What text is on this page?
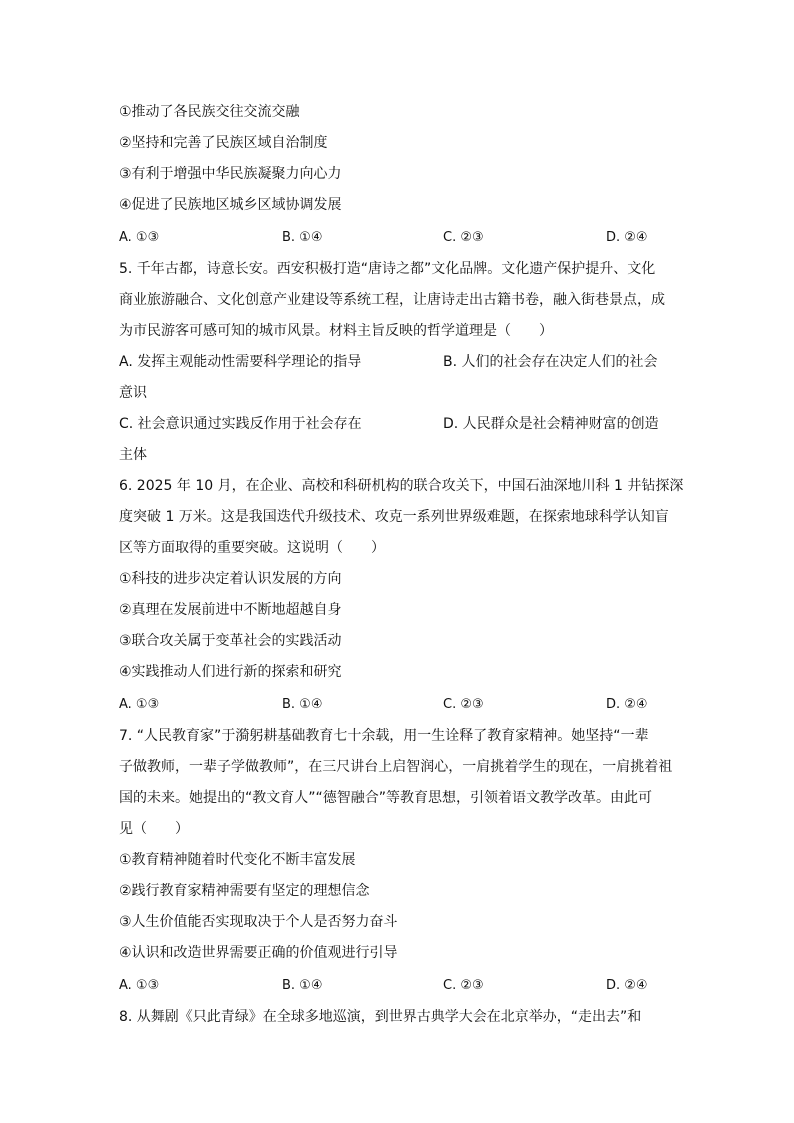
①推动了各民族交往交流交融
②坚持和完善了民族区域自治制度
③有利于增强中华民族凝聚力向心力
④促进了民族地区城乡区域协调发展
A. ①③	B. ①④	C. ②③	D. ②④
5. 千年古都，诗意长安。西安积极打造“唐诗之都”文化品牌。文化遗产保护提升、文化
商业旅游融合、文化创意产业建设等系统工程，让唐诗走出古籍书卷，融入街巷景点，成
为市民游客可感可知的城市风景。材料主旨反映的哲学道理是（　　）
A. 发挥主观能动性需要科学理论的指导	B. 人们的社会存在决定人们的社会
意识
C. 社会意识通过实践反作用于社会存在	D. 人民群众是社会精神财富的创造
主体
6. 2025 年 10 月，在企业、高校和科研机构的联合攻关下，中国石油深地川科 1 井钻探深
度突破 1 万米。这是我国迭代升级技术、攻克一系列世界级难题，在探索地球科学认知盲
区等方面取得的重要突破。这说明（　　）
①科技的进步决定着认识发展的方向
②真理在发展前进中不断地超越自身
③联合攻关属于变革社会的实践活动
④实践推动人们进行新的探索和研究
A. ①③	B. ①④	C. ②③	D. ②④
7. “人民教育家”于漪躬耕基础教育七十余载，用一生诠释了教育家精神。她坚持“一辈
子做教师，一辈子学做教师”，在三尺讲台上启智润心，一肩挑着学生的现在，一肩挑着祖
国的未来。她提出的“教文育人”“德智融合”等教育思想，引领着语文教学改革。由此可
见（　　）
①教育精神随着时代变化不断丰富发展
②践行教育家精神需要有坚定的理想信念
③人生价值能否实现取决于个人是否努力奋斗
④认识和改造世界需要正确的价值观进行引导
A. ①③	B. ①④	C. ②③	D. ②④
8. 从舞剧《只此青绿》在全球多地巡演，到世界古典学大会在北京举办，“走出去”和
